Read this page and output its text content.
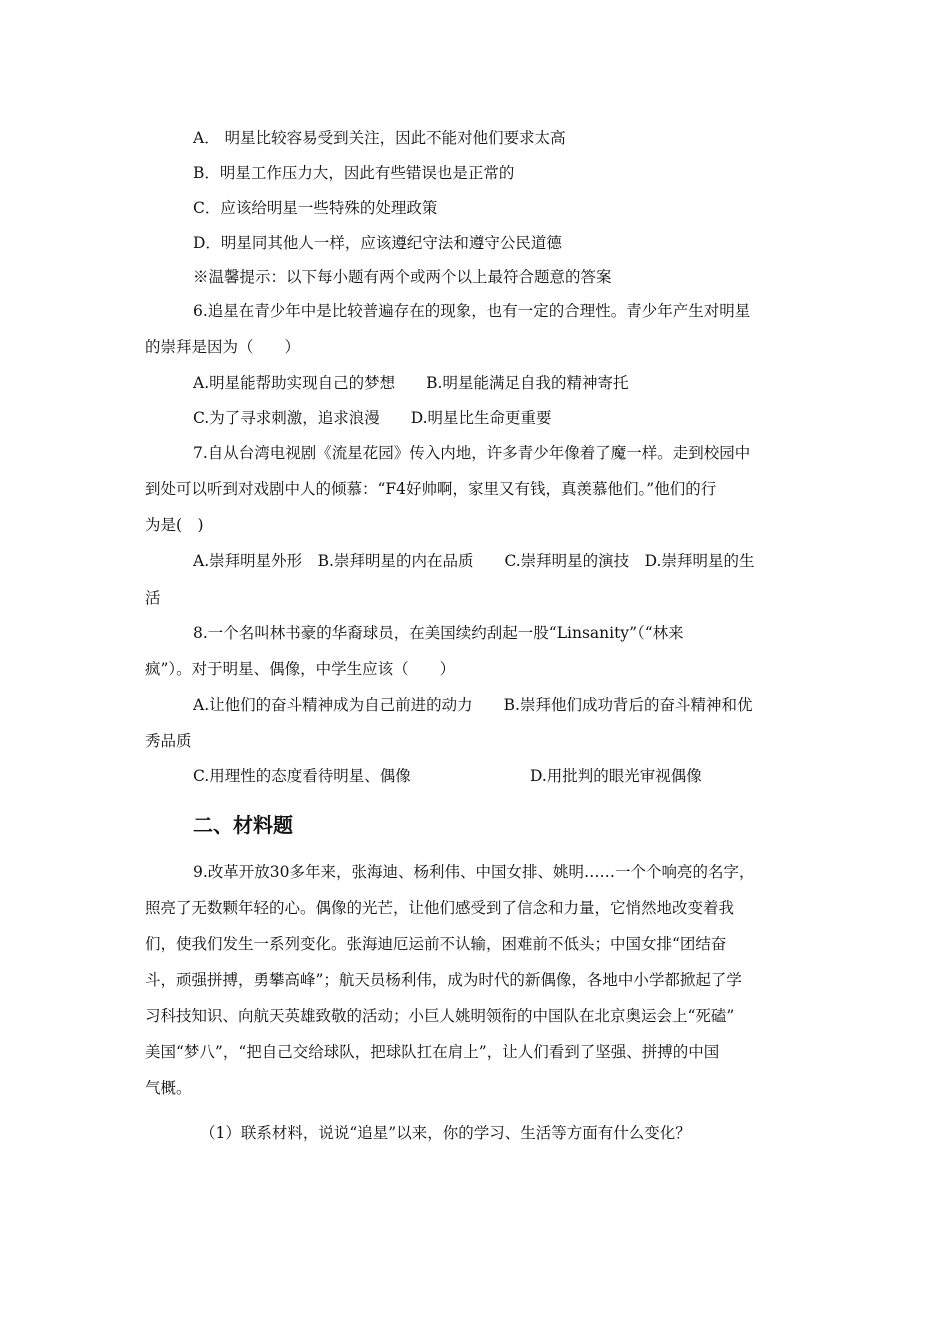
A． 明星比较容易受到关注，因此不能对他们要求太高
B．明星工作压力大，因此有些错误也是正常的
C．应该给明星一些特殊的处理政策
D．明星同其他人一样，应该遵纪守法和遵守公民道德
※温馨提示：以下每小题有两个或两个以上最符合题意的答案
6.追星在青少年中是比较普遍存在的现象，也有一定的合理性。青少年产生对明星
的崇拜是因为（　　）
A.明星能帮助实现自己的梦想　　B.明星能满足自我的精神寄托
C.为了寻求刺激，追求浪漫　　D.明星比生命更重要
7.自从台湾电视剧《流星花园》传入内地，许多青少年像着了魔一样。走到校园中
到处可以听到对戏剧中人的倾慕：“F4好帅啊，家里又有钱，真羡慕他们。”他们的行
为是(　)
A.崇拜明星外形　B.崇拜明星的内在品质　　C.崇拜明星的演技　D.崇拜明星的生
活
8.一个名叫林书豪的华裔球员，在美国续约刮起一股“Linsanity”（“林来
疯”）。对于明星、偶像，中学生应该（　　）
A.让他们的奋斗精神成为自己前进的动力　　B.崇拜他们成功背后的奋斗精神和优
秀品质
C.用理性的态度看待明星、偶像	D.用批判的眼光审视偶像
二、材料题
9.改革开放30多年来，张海迪、杨利伟、中国女排、姚明……一个个响亮的名字，
照亮了无数颗年轻的心。偶像的光芒，让他们感受到了信念和力量，它悄然地改变着我
们，使我们发生一系列变化。张海迪厄运前不认输，困难前不低头；中国女排“团结奋
斗，顽强拼搏，勇攀高峰”；航天员杨利伟，成为时代的新偶像，各地中小学都掀起了学
习科技知识、向航天英雄致敬的活动；小巨人姚明领衔的中国队在北京奥运会上“死磕”
美国“梦八”，“把自己交给球队，把球队扛在肩上”，让人们看到了坚强、拼搏的中国
气概。
（1）联系材料，说说“追星”以来，你的学习、生活等方面有什么变化？
